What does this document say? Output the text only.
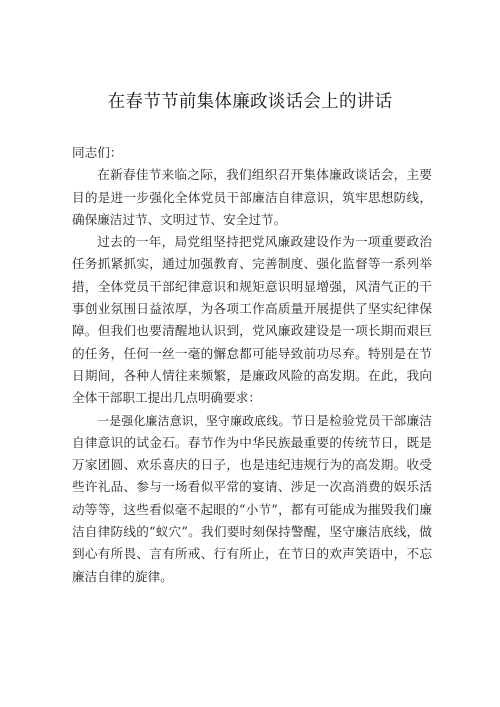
在春节节前集体廉政谈话会上的讲话

同志们：

在新春佳节来临之际，我们组织召开集体廉政谈话会，主要目的是进一步强化全体党员干部廉洁自律意识，筑牢思想防线，确保廉洁过节、文明过节、安全过节。

过去的一年，局党组坚持把党风廉政建设作为一项重要政治任务抓紧抓实，通过加强教育、完善制度、强化监督等一系列举措，全体党员干部纪律意识和规矩意识明显增强，风清气正的干事创业氛围日益浓厚，为各项工作高质量开展提供了坚实纪律保障。但我们也要清醒地认识到，党风廉政建设是一项长期而艰巨的任务，任何一丝一毫的懈怠都可能导致前功尽弃。特别是在节日期间，各种人情往来频繁，是廉政风险的高发期。在此，我向全体干部职工提出几点明确要求：

一是强化廉洁意识，坚守廉政底线。节日是检验党员干部廉洁自律意识的试金石。春节作为中华民族最重要的传统节日，既是万家团圆、欢乐喜庆的日子，也是违纪违规行为的高发期。收受些许礼品、参与一场看似平常的宴请、涉足一次高消费的娱乐活动等等，这些看似毫不起眼的“小节”，都有可能成为摧毁我们廉洁自律防线的“蚁穴”。我们要时刻保持警醒，坚守廉洁底线，做到心有所畏、言有所戒、行有所止，在节日的欢声笑语中，不忘廉洁自律的旋律。
